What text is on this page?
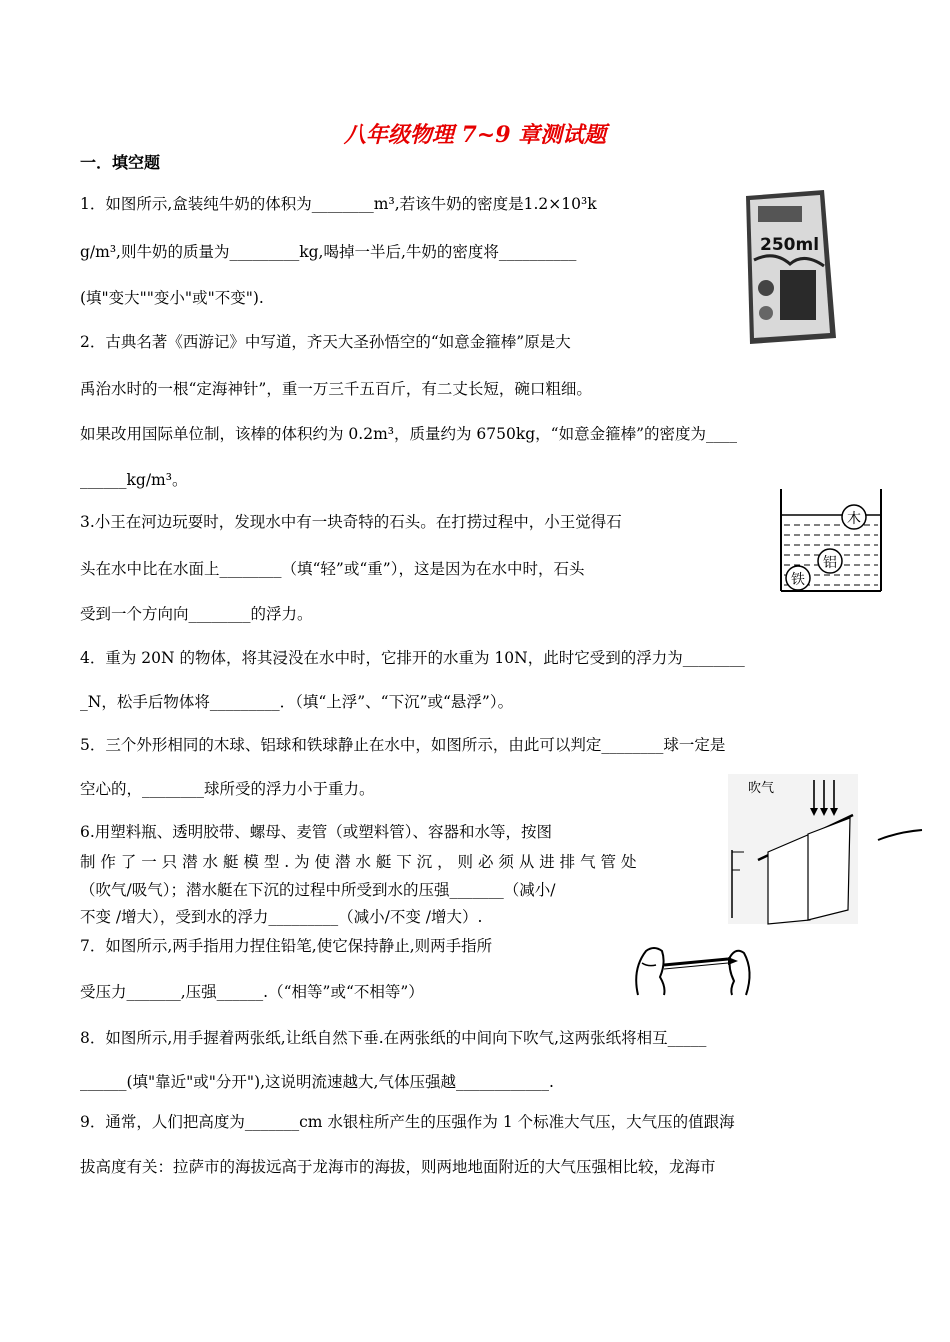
八年级物理 7~9 章测试题
一．填空题
1．如图所示,盒装纯牛奶的体积为________m³,若该牛奶的密度是1.2×10³k
g/m³,则牛奶的质量为_________kg,喝掉一半后,牛奶的密度将__________
(填"变大""变小"或"不变").
2．古典名著《西游记》中写道，齐天大圣孙悟空的“如意金箍棒”原是大
禹治水时的一根“定海神针”，重一万三千五百斤，有二丈长短，碗口粗细。
如果改用国际单位制，该棒的体积约为 0.2m³，质量约为 6750kg，“如意金箍棒”的密度为____
______kg/m³。
3.小王在河边玩耍时，发现水中有一块奇特的石头。在打捞过程中，小王觉得石
头在水中比在水面上________（填“轻”或“重”），这是因为在水中时，石头
受到一个方向向________的浮力。
4．重为 20N 的物体，将其浸没在水中时，它排开的水重为 10N，此时它受到的浮力为________
_N，松手后物体将_________．（填“上浮”、“下沉”或“悬浮”）。
5．三个外形相同的木球、铝球和铁球静止在水中，如图所示，由此可以判定________球一定是
空心的，________球所受的浮力小于重力。
6.用塑料瓶、透明胶带、螺母、麦管（或塑料管）、容器和水等，按图
制 作 了 一 只 潜 水 艇 模 型 . 为 使 潜 水 艇 下 沉 ， 则 必 须 从 进 排 气 管 处
（吹气/吸气）；潜水艇在下沉的过程中所受到水的压强_______（减小/
不变 /增大），受到水的浮力_________（减小/不变 /增大）.
7．如图所示,两手指用力捏住铅笔,使它保持静止,则两手指所
受压力_______,压强______.（“相等”或“不相等”）
8．如图所示,用手握着两张纸,让纸自然下垂.在两张纸的中间向下吹气,这两张纸将相互_____
______(填"靠近"或"分开"),这说明流速越大,气体压强越____________.
9．通常，人们把高度为_______cm 水银柱所产生的压强作为 1 个标准大气压，大气压的值跟海
拔高度有关：拉萨市的海拔远高于龙海市的海拔，则两地地面附近的大气压强相比较，龙海市
250ml
木
铝
铁
吹气
